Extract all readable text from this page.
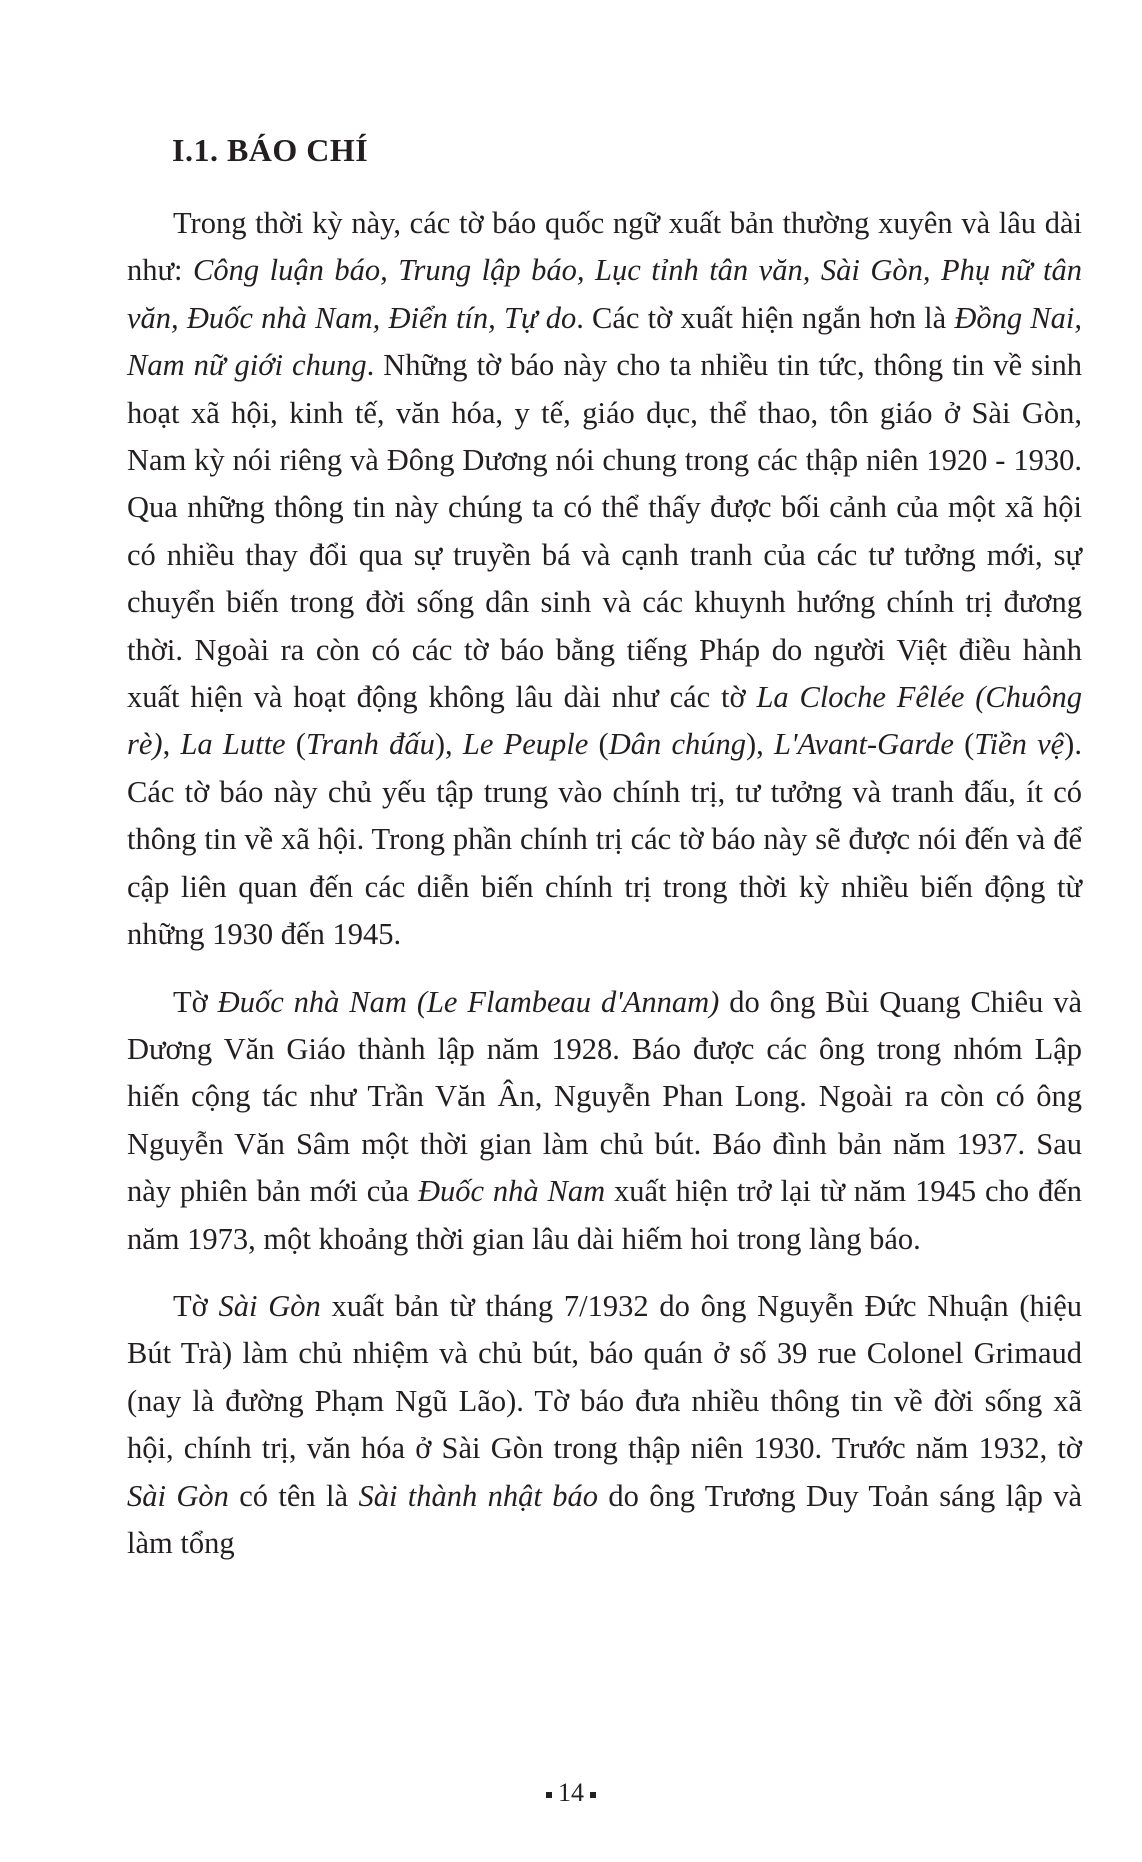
I.1. BÁO CHÍ

Trong thời kỳ này, các tờ báo quốc ngữ xuất bản thường xuyên và lâu dài như: Công luận báo, Trung lập báo, Lục tỉnh tân văn, Sài Gòn, Phụ nữ tân văn, Đuốc nhà Nam, Điển tín, Tự do. Các tờ xuất hiện ngắn hơn là Đồng Nai, Nam nữ giới chung. Những tờ báo này cho ta nhiều tin tức, thông tin về sinh hoạt xã hội, kinh tế, văn hóa, y tế, giáo dục, thể thao, tôn giáo ở Sài Gòn, Nam kỳ nói riêng và Đông Dương nói chung trong các thập niên 1920 - 1930. Qua những thông tin này chúng ta có thể thấy được bối cảnh của một xã hội có nhiều thay đổi qua sự truyền bá và cạnh tranh của các tư tưởng mới, sự chuyển biến trong đời sống dân sinh và các khuynh hướng chính trị đương thời. Ngoài ra còn có các tờ báo bằng tiếng Pháp do người Việt điều hành xuất hiện và hoạt động không lâu dài như các tờ La Cloche Fêlée (Chuông rè), La Lutte (Tranh đấu), Le Peuple (Dân chúng), L'Avant-Garde (Tiền vệ). Các tờ báo này chủ yếu tập trung vào chính trị, tư tưởng và tranh đấu, ít có thông tin về xã hội. Trong phần chính trị các tờ báo này sẽ được nói đến và để cập liên quan đến các diễn biến chính trị trong thời kỳ nhiều biến động từ những 1930 đến 1945.

Tờ Đuốc nhà Nam (Le Flambeau d'Annam) do ông Bùi Quang Chiêu và Dương Văn Giáo thành lập năm 1928. Báo được các ông trong nhóm Lập hiến cộng tác như Trần Văn Ân, Nguyễn Phan Long. Ngoài ra còn có ông Nguyễn Văn Sâm một thời gian làm chủ bút. Báo đình bản năm 1937. Sau này phiên bản mới của Đuốc nhà Nam xuất hiện trở lại từ năm 1945 cho đến năm 1973, một khoảng thời gian lâu dài hiếm hoi trong làng báo.

Tờ Sài Gòn xuất bản từ tháng 7/1932 do ông Nguyễn Đức Nhuận (hiệu Bút Trà) làm chủ nhiệm và chủ bút, báo quán ở số 39 rue Colonel Grimaud (nay là đường Phạm Ngũ Lão). Tờ báo đưa nhiều thông tin về đời sống xã hội, chính trị, văn hóa ở Sài Gòn trong thập niên 1930. Trước năm 1932, tờ Sài Gòn có tên là Sài thành nhật báo do ông Trương Duy Toản sáng lập và làm tổng

14
